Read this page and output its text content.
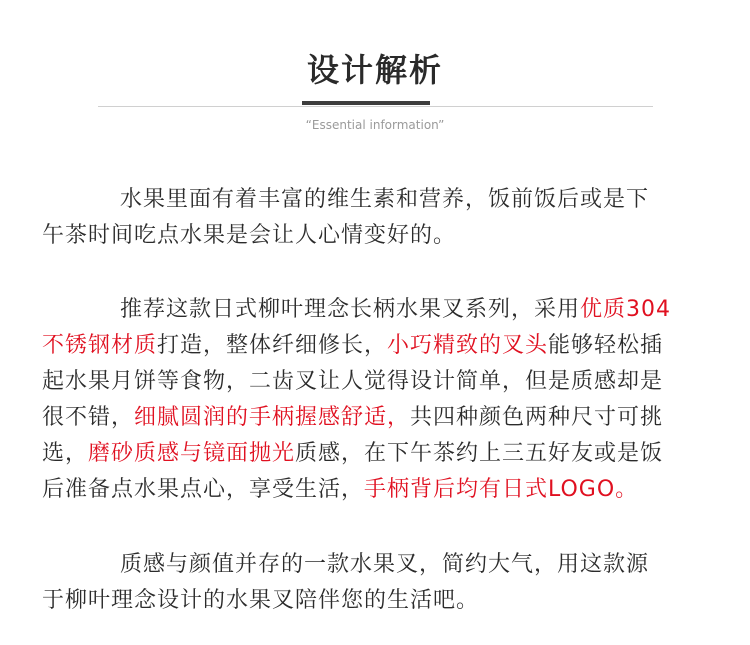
设计解析
“Essential information”
水果里面有着丰富的维生素和营养，饭前饭后或是下
午茶时间吃点水果是会让人心情变好的。
推荐这款日式柳叶理念长柄水果叉系列，采用优质304
不锈钢材质打造，整体纤细修长，小巧精致的叉头能够轻松插
起水果月饼等食物，二齿叉让人觉得设计简单，但是质感却是
很不错，细腻圆润的手柄握感舒适，共四种颜色两种尺寸可挑
选，磨砂质感与镜面抛光质感，在下午茶约上三五好友或是饭
后准备点水果点心，享受生活，手柄背后均有日式LOGO。
质感与颜值并存的一款水果叉，简约大气，用这款源
于柳叶理念设计的水果叉陪伴您的生活吧。
